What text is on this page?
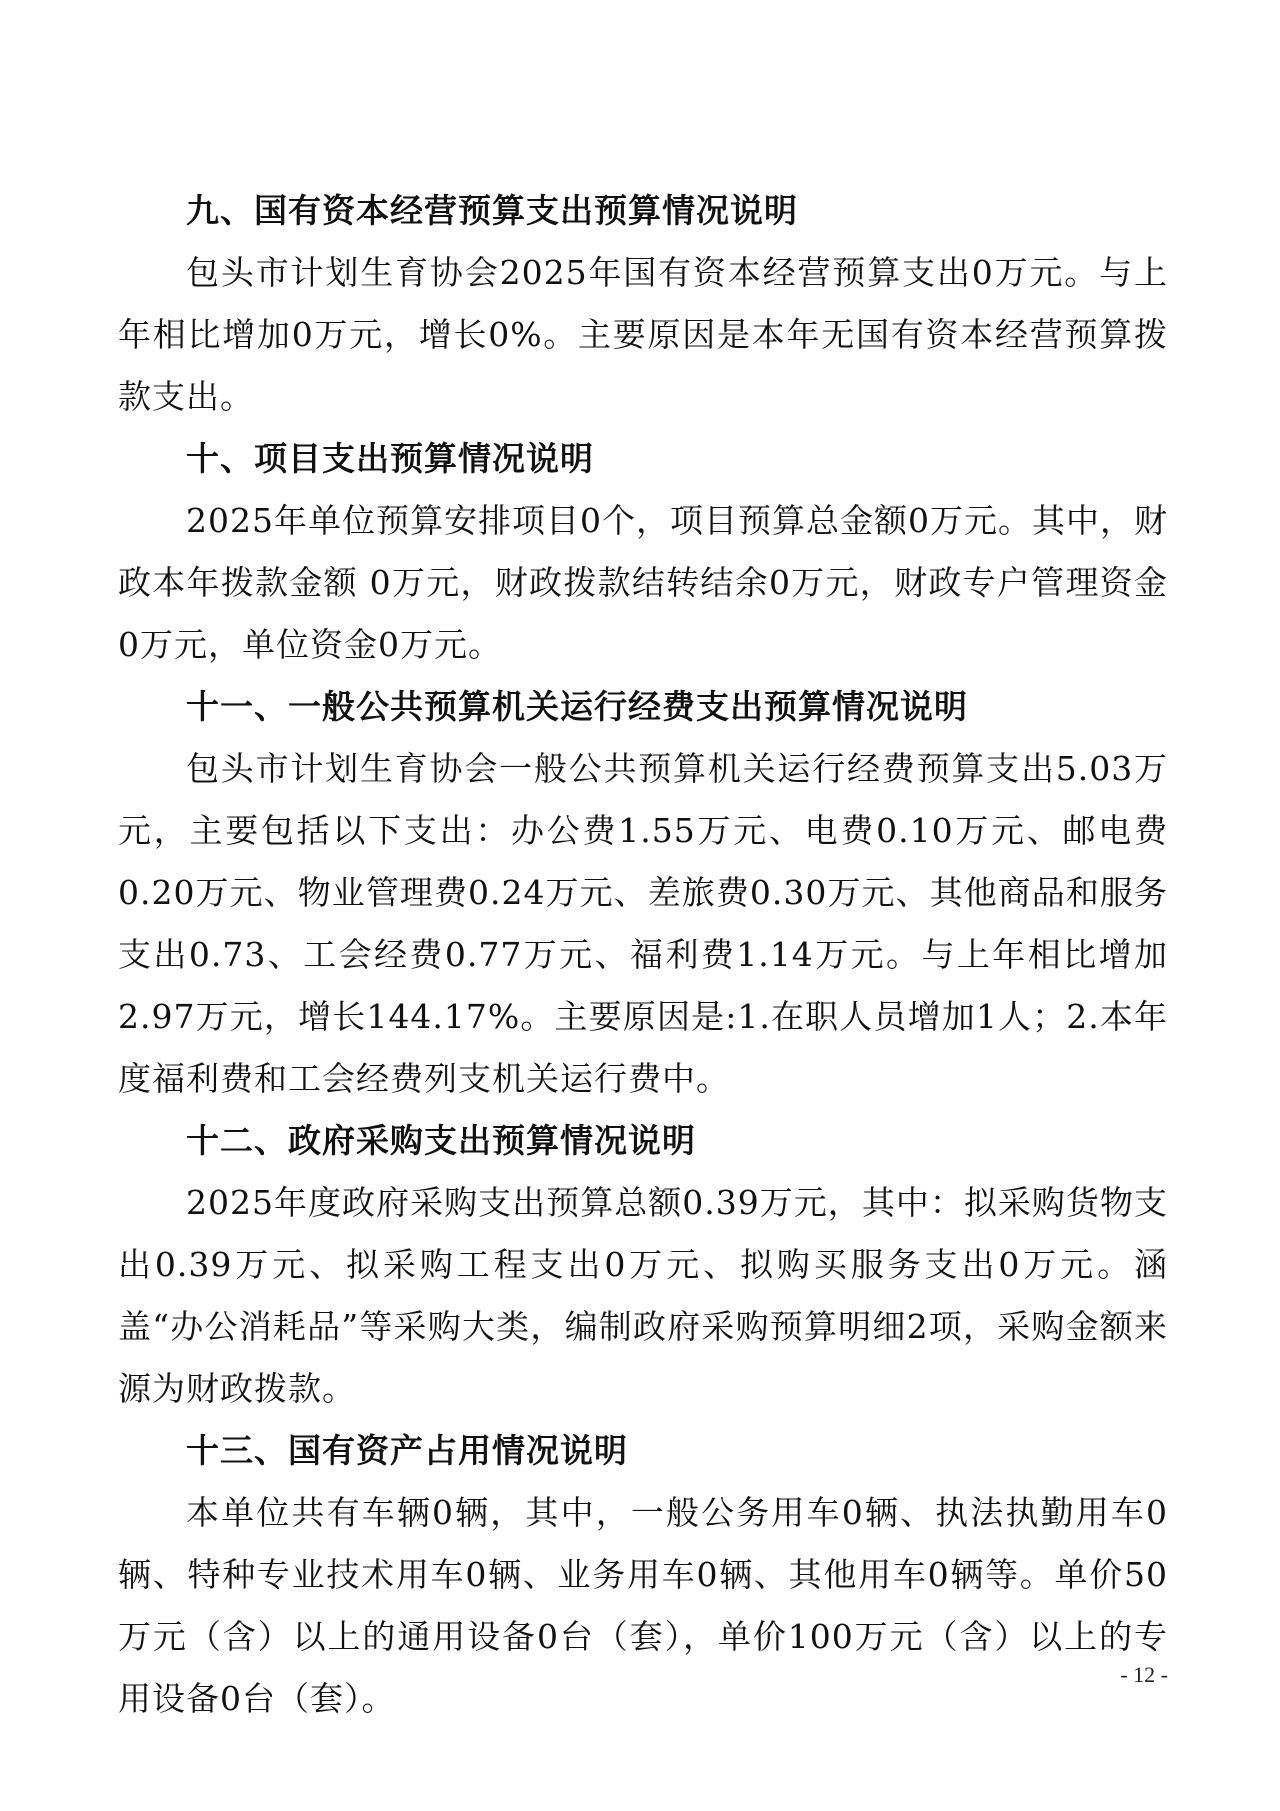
九、国有资本经营预算支出预算情况说明

包头市计划生育协会2025年国有资本经营预算支出0万元。与上年相比增加0万元，增长0%。主要原因是本年无国有资本经营预算拨款支出。

十、项目支出预算情况说明

2025年单位预算安排项目0个，项目预算总金额0万元。其中，财政本年拨款金额 0万元，财政拨款结转结余0万元，财政专户管理资金0万元，单位资金0万元。

十一、一般公共预算机关运行经费支出预算情况说明

包头市计划生育协会一般公共预算机关运行经费预算支出5.03万元，主要包括以下支出：办公费1.55万元、电费0.10万元、邮电费0.20万元、物业管理费0.24万元、差旅费0.30万元、其他商品和服务支出0.73、工会经费0.77万元、福利费1.14万元。与上年相比增加2.97万元，增长144.17%。主要原因是:1.在职人员增加1人；2.本年度福利费和工会经费列支机关运行费中。

十二、政府采购支出预算情况说明

2025年度政府采购支出预算总额0.39万元，其中：拟采购货物支出0.39万元、拟采购工程支出0万元、拟购买服务支出0万元。涵盖“办公消耗品”等采购大类，编制政府采购预算明细2项，采购金额来源为财政拨款。

十三、国有资产占用情况说明

本单位共有车辆0辆，其中，一般公务用车0辆、执法执勤用车0辆、特种专业技术用车0辆、业务用车0辆、其他用车0辆等。单价50万元（含）以上的通用设备0台（套），单价100万元（含）以上的专用设备0台（套）。

- 12 -
